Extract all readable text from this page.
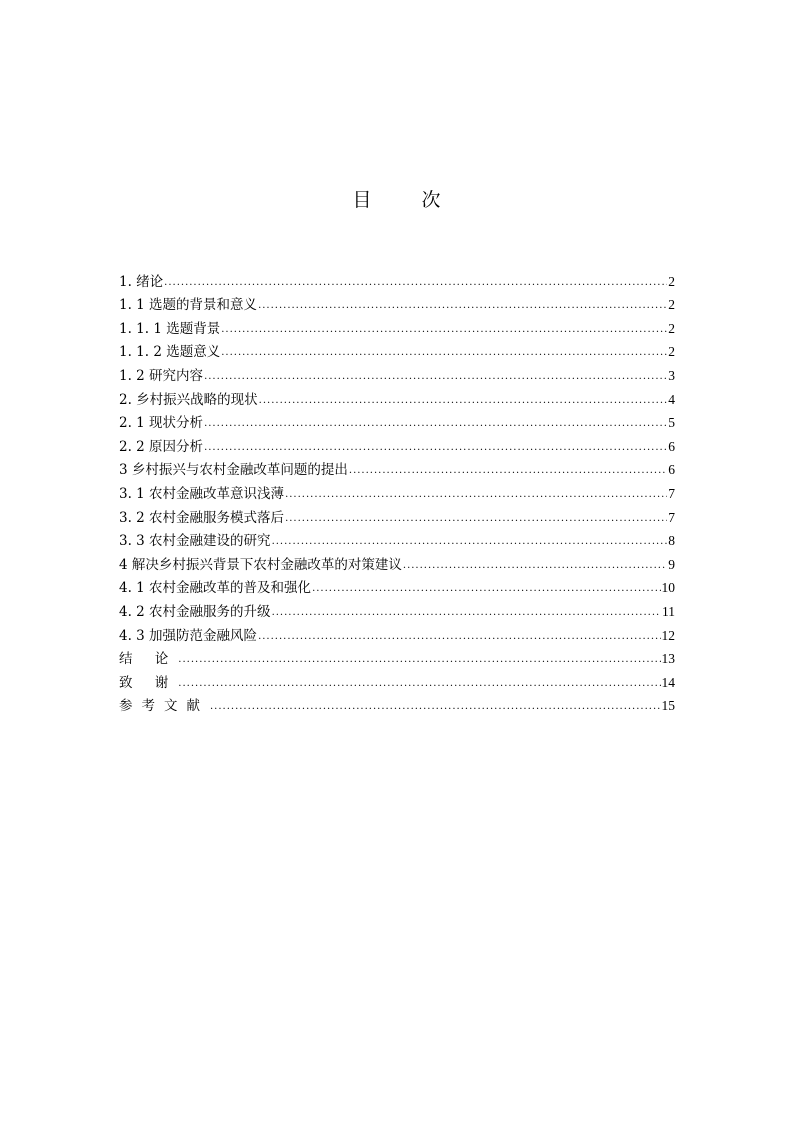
目 次
1. 绪论 .....	2
1. 1 选题的背景和意义 .....	2
1. 1. 1 选题背景 .....	2
1. 1. 2 选题意义 .....	2
1. 2 研究内容 .....	3
2. 乡村振兴战略的现状 .....	4
2. 1 现状分析 .....	5
2. 2 原因分析 .....	6
3 乡村振兴与农村金融改革问题的提出 .....	6
3. 1 农村金融改革意识浅薄 .....	7
3. 2 农村金融服务模式落后 .....	7
3. 3 农村金融建设的研究 .....	8
4 解决乡村振兴背景下农村金融改革的对策建议 .....	9
4. 1 农村金融改革的普及和强化 .....	10
4. 2 农村金融服务的升级 .....	11
4. 3 加强防范金融风险 .....	12
结 论 .....	13
致 谢 .....	14
参考文献 .....	15
